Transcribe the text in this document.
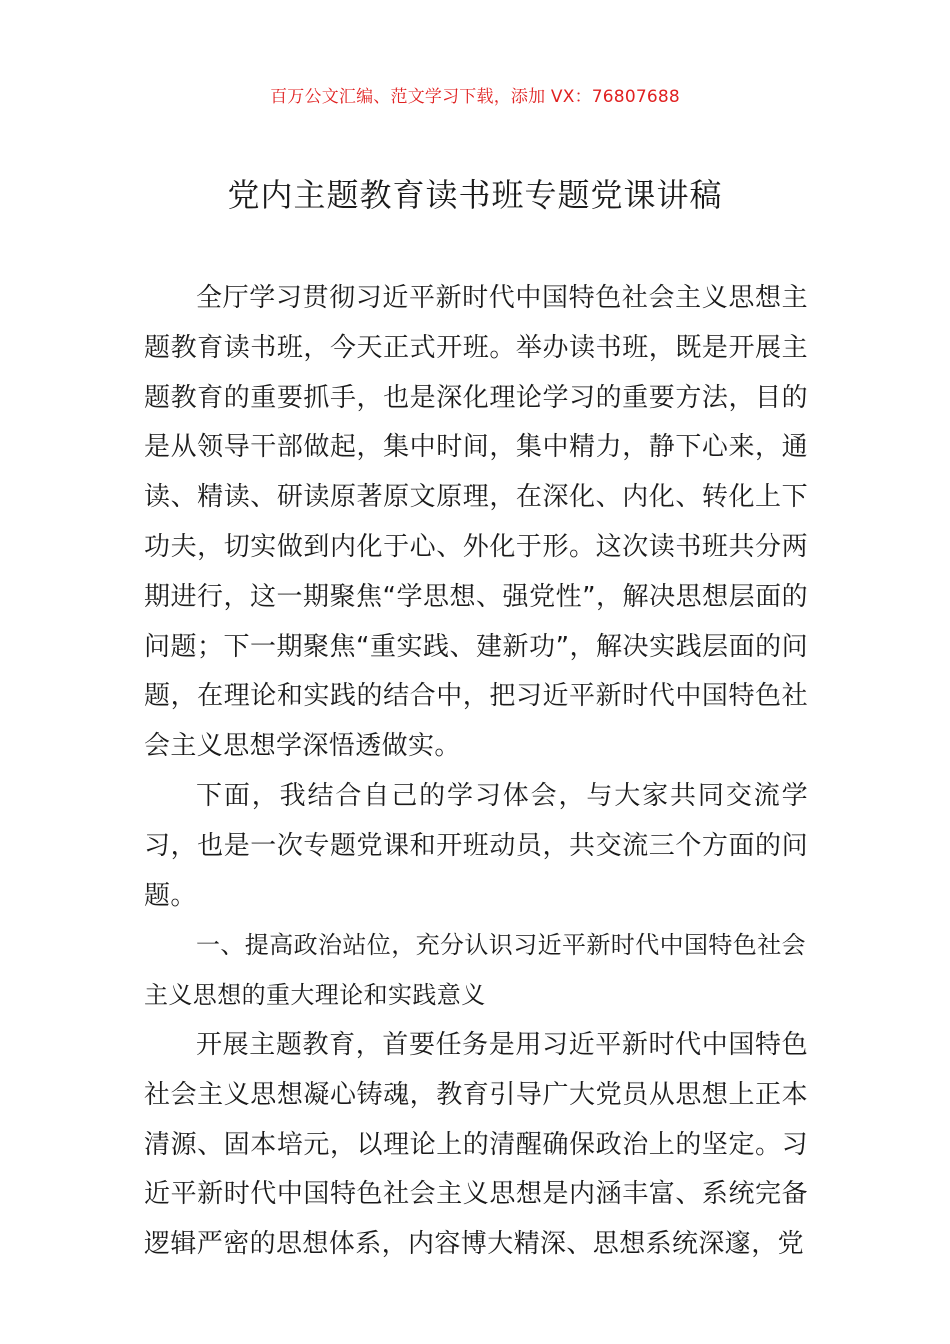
百万公文汇编、范文学习下载，添加 VX：76807688
党内主题教育读书班专题党课讲稿

全厅学习贯彻习近平新时代中国特色社会主义思想主题教育读书班，今天正式开班。举办读书班，既是开展主题教育的重要抓手，也是深化理论学习的重要方法，目的是从领导干部做起，集中时间，集中精力，静下心来，通读、精读、研读原著原文原理，在深化、内化、转化上下功夫，切实做到内化于心、外化于形。这次读书班共分两期进行，这一期聚焦“学思想、强党性”，解决思想层面的问题；下一期聚焦“重实践、建新功”，解决实践层面的问题，在理论和实践的结合中，把习近平新时代中国特色社会主义思想学深悟透做实。

下面，我结合自己的学习体会，与大家共同交流学习，也是一次专题党课和开班动员，共交流三个方面的问题。

一、提高政治站位，充分认识习近平新时代中国特色社会主义思想的重大理论和实践意义

开展主题教育，首要任务是用习近平新时代中国特色社会主义思想凝心铸魂，教育引导广大党员从思想上正本清源、固本培元，以理论上的清醒确保政治上的坚定。习近平新时代中国特色社会主义思想是内涵丰富、系统完备逻辑严密的思想体系，内容博大精深、思想系统深邃，党
